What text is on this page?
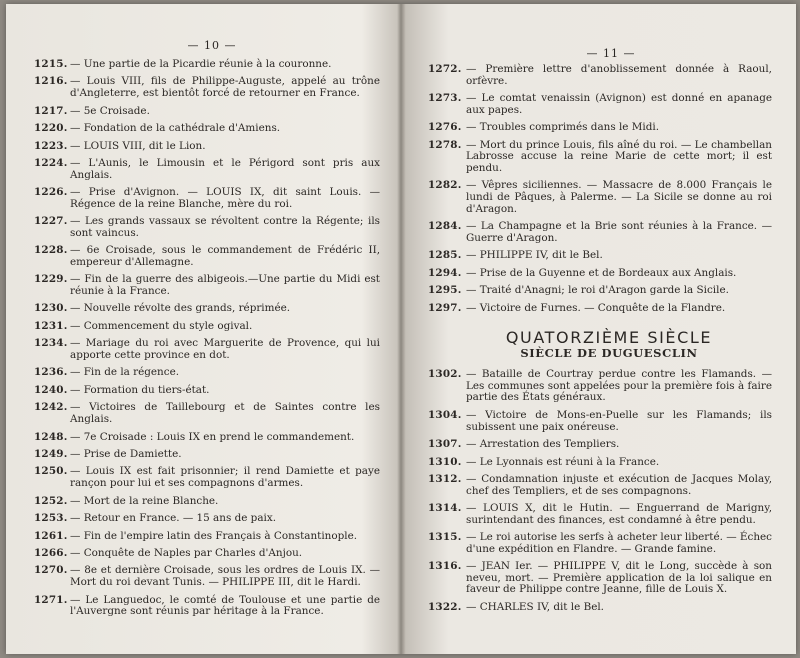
— 10 —
1215. — Une partie de la Picardie réunie à la couronne.
1216. — Louis VIII, fils de Philippe-Auguste, appelé au trône d'Angleterre, est bientôt forcé de retourner en France.
1217. — 5e Croisade.
1220. — Fondation de la cathédrale d'Amiens.
1223. — LOUIS VIII, dit le Lion.
1224. — L'Aunis, le Limousin et le Périgord sont pris aux Anglais.
1226. — Prise d'Avignon. — LOUIS IX, dit saint Louis. — Régence de la reine Blanche, mère du roi.
1227. — Les grands vassaux se révoltent contre la Régente; ils sont vaincus.
1228. — 6e Croisade, sous le commandement de Frédéric II, empereur d'Allemagne.
1229. — Fin de la guerre des albigeois.—Une partie du Midi est réunie à la France.
1230. — Nouvelle révolte des grands, réprimée.
1231. — Commencement du style ogival.
1234. — Mariage du roi avec Marguerite de Provence, qui lui apporte cette province en dot.
1236. — Fin de la régence.
1240. — Formation du tiers-état.
1242. — Victoires de Taillebourg et de Saintes contre les Anglais.
1248. — 7e Croisade : Louis IX en prend le commandement.
1249. — Prise de Damiette.
1250. — Louis IX est fait prisonnier; il rend Damiette et paye rançon pour lui et ses compagnons d'armes.
1252. — Mort de la reine Blanche.
1253. — Retour en France. — 15 ans de paix.
1261. — Fin de l'empire latin des Français à Constantinople.
1266. — Conquête de Naples par Charles d'Anjou.
1270. — 8e et dernière Croisade, sous les ordres de Louis IX. — Mort du roi devant Tunis. — PHILIPPE III, dit le Hardi.
1271. — Le Languedoc, le comté de Toulouse et une partie de l'Auvergne sont réunis par héritage à la France.
— 11 —
1272. — Première lettre d'anoblissement donnée à Raoul, orfèvre.
1273. — Le comtat venaissin (Avignon) est donné en apanage aux papes.
1276. — Troubles comprimés dans le Midi.
1278. — Mort du prince Louis, fils aîné du roi. — Le chambellan Labrosse accuse la reine Marie de cette mort; il est pendu.
1282. — Vêpres siciliennes. — Massacre de 8.000 Français le lundi de Pâques, à Palerme. — La Sicile se donne au roi d'Aragon.
1284. — La Champagne et la Brie sont réunies à la France. — Guerre d'Aragon.
1285. — PHILIPPE IV, dit le Bel.
1294. — Prise de la Guyenne et de Bordeaux aux Anglais.
1295. — Traité d'Anagni; le roi d'Aragon garde la Sicile.
1297. — Victoire de Furnes. — Conquête de la Flandre.
QUATORZIÈME SIÈCLE
SIÈCLE DE DUGUESCLIN
1302. — Bataille de Courtray perdue contre les Flamands. — Les communes sont appelées pour la première fois à faire partie des États généraux.
1304. — Victoire de Mons-en-Puelle sur les Flamands; ils subissent une paix onéreuse.
1307. — Arrestation des Templiers.
1310. — Le Lyonnais est réuni à la France.
1312. — Condamnation injuste et exécution de Jacques Molay, chef des Templiers, et de ses compagnons.
1314. — LOUIS X, dit le Hutin. — Enguerrand de Marigny, surintendant des finances, est condamné à être pendu.
1315. — Le roi autorise les serfs à acheter leur liberté. — Échec d'une expédition en Flandre. — Grande famine.
1316. — JEAN Ier. — PHILIPPE V, dit le Long, succède à son neveu, mort. — Première application de la loi salique en faveur de Philippe contre Jeanne, fille de Louis X.
1322. — CHARLES IV, dit le Bel.
